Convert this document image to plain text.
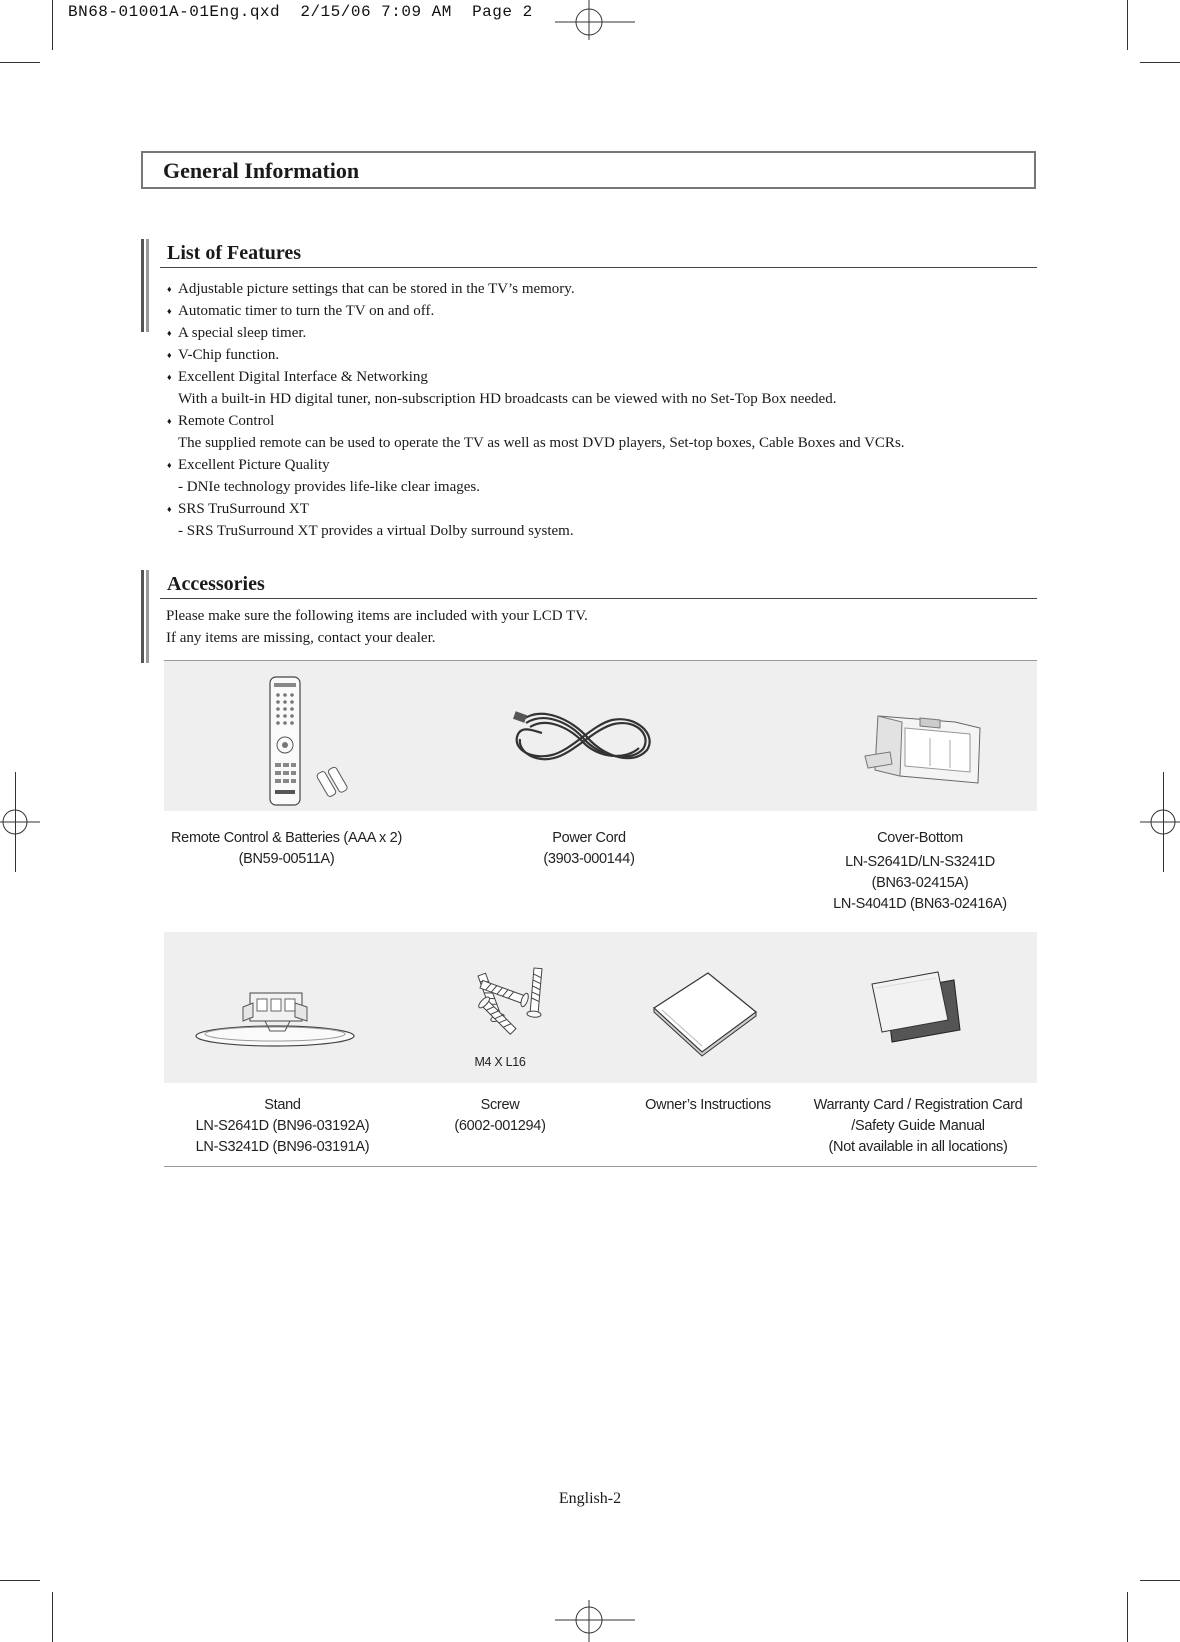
BN68-01001A-01Eng.qxd  2/15/06 7:09 AM  Page 2
General Information
List of Features
♦ Adjustable picture settings that can be stored in the TV’s memory.
♦ Automatic timer to turn the TV on and off.
♦ A special sleep timer.
♦ V-Chip function.
♦ Excellent Digital Interface & Networking
With a built-in HD digital tuner, non-subscription HD broadcasts can be viewed with no Set-Top Box needed.
♦ Remote Control
The supplied remote can be used to operate the TV as well as most DVD players, Set-top boxes, Cable Boxes and VCRs.
♦ Excellent Picture Quality
- DNIe technology provides life-like clear images.
♦ SRS TruSurround XT
- SRS TruSurround XT provides a virtual Dolby surround system.
Accessories
Please make sure the following items are included with your LCD TV.
If any items are missing, contact your dealer.
Remote Control & Batteries (AAA x 2)
(BN59-00511A)
Power Cord
(3903-000144)
Cover-Bottom
LN-S2641D/LN-S3241D
(BN63-02415A)
LN-S4041D (BN63-02416A)
M4 X L16
Stand
LN-S2641D (BN96-03192A)
LN-S3241D (BN96-03191A)
Screw
(6002-001294)
Owner’s Instructions	Warranty Card / Registration Card
/Safety Guide Manual
(Not available in all locations)
English-2
